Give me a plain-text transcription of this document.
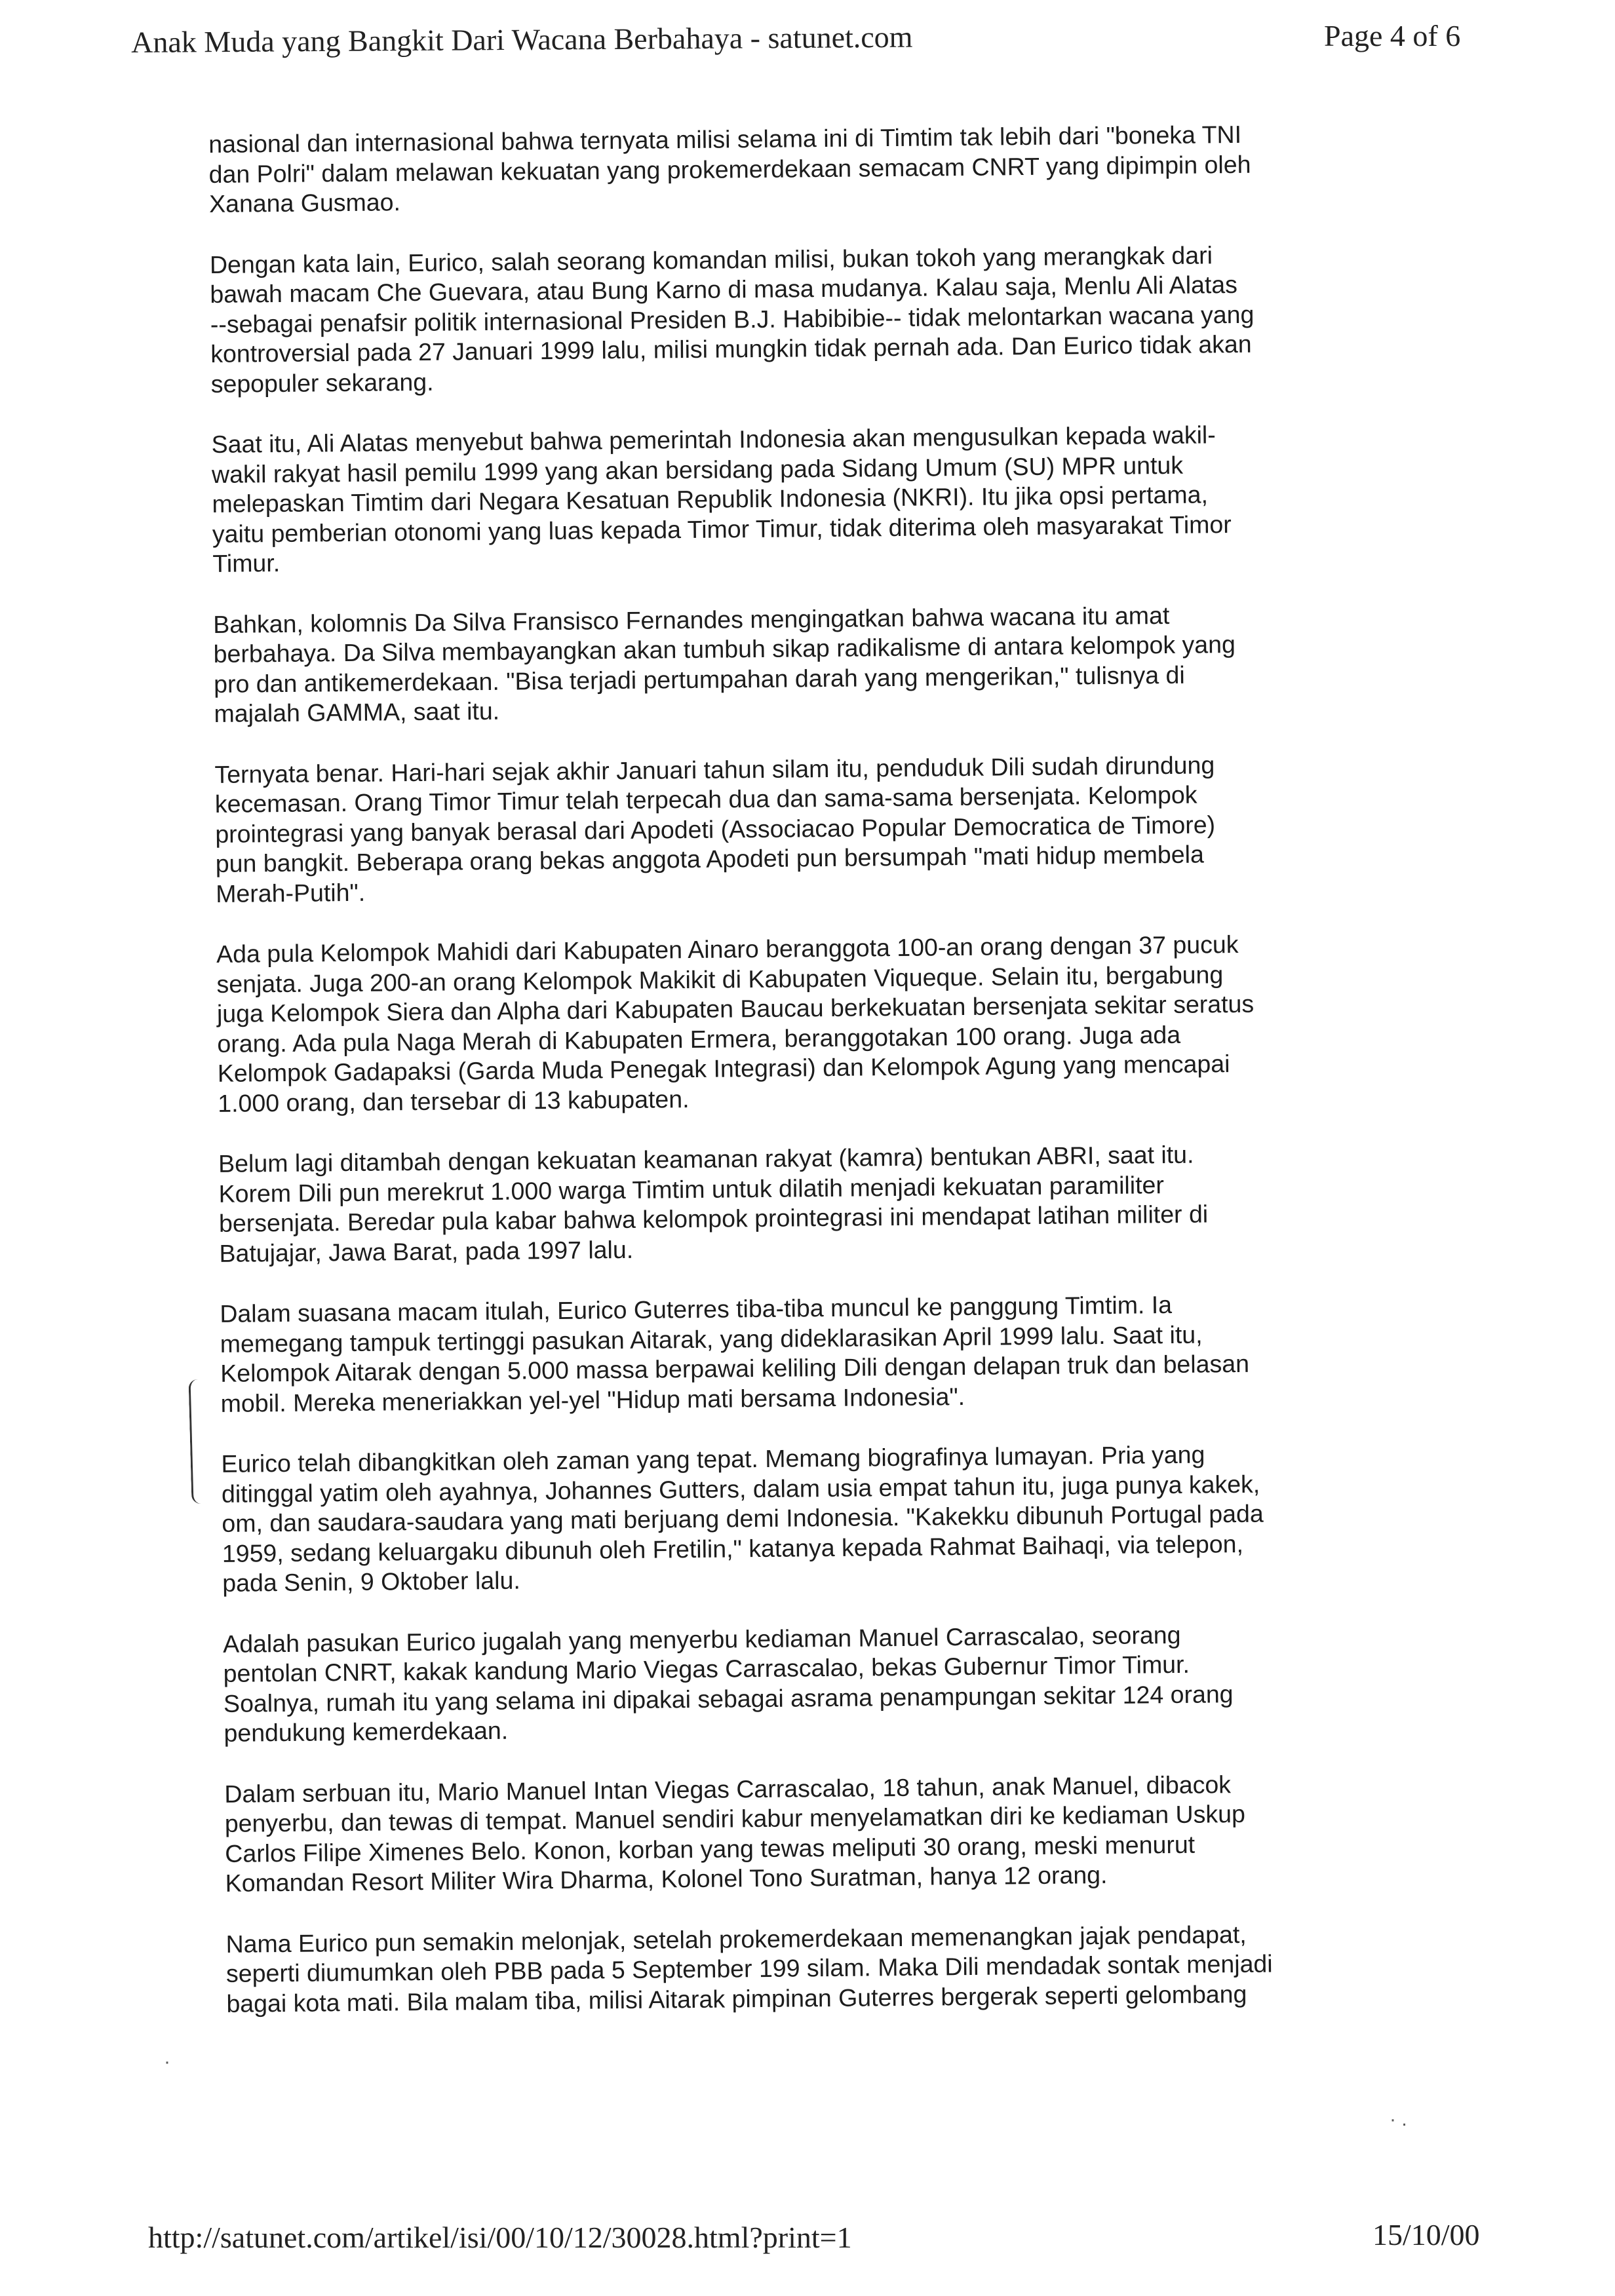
Anak Muda yang Bangkit Dari Wacana Berbahaya - satunet.com	Page 4 of 6

nasional dan internasional bahwa ternyata milisi selama ini di Timtim tak lebih dari "boneka TNI
dan Polri" dalam melawan kekuatan yang prokemerdekaan semacam CNRT yang dipimpin oleh
Xanana Gusmao.

Dengan kata lain, Eurico, salah seorang komandan milisi, bukan tokoh yang merangkak dari
bawah macam Che Guevara, atau Bung Karno di masa mudanya. Kalau saja, Menlu Ali Alatas
--sebagai penafsir politik internasional Presiden B.J. Habibibie-- tidak melontarkan wacana yang
kontroversial pada 27 Januari 1999 lalu, milisi mungkin tidak pernah ada. Dan Eurico tidak akan
sepopuler sekarang.

Saat itu, Ali Alatas menyebut bahwa pemerintah Indonesia akan mengusulkan kepada wakil-
wakil rakyat hasil pemilu 1999 yang akan bersidang pada Sidang Umum (SU) MPR untuk
melepaskan Timtim dari Negara Kesatuan Republik Indonesia (NKRI). Itu jika opsi pertama,
yaitu pemberian otonomi yang luas kepada Timor Timur, tidak diterima oleh masyarakat Timor
Timur.

Bahkan, kolomnis Da Silva Fransisco Fernandes mengingatkan bahwa wacana itu amat
berbahaya. Da Silva membayangkan akan tumbuh sikap radikalisme di antara kelompok yang
pro dan antikemerdekaan. "Bisa terjadi pertumpahan darah yang mengerikan," tulisnya di
majalah GAMMA, saat itu.

Ternyata benar. Hari-hari sejak akhir Januari tahun silam itu, penduduk Dili sudah dirundung
kecemasan. Orang Timor Timur telah terpecah dua dan sama-sama bersenjata. Kelompok
prointegrasi yang banyak berasal dari Apodeti (Associacao Popular Democratica de Timore)
pun bangkit. Beberapa orang bekas anggota Apodeti pun bersumpah "mati hidup membela
Merah-Putih".

Ada pula Kelompok Mahidi dari Kabupaten Ainaro beranggota 100-an orang dengan 37 pucuk
senjata. Juga 200-an orang Kelompok Makikit di Kabupaten Viqueque. Selain itu, bergabung
juga Kelompok Siera dan Alpha dari Kabupaten Baucau berkekuatan bersenjata sekitar seratus
orang. Ada pula Naga Merah di Kabupaten Ermera, beranggotakan 100 orang. Juga ada
Kelompok Gadapaksi (Garda Muda Penegak Integrasi) dan Kelompok Agung yang mencapai
1.000 orang, dan tersebar di 13 kabupaten.

Belum lagi ditambah dengan kekuatan keamanan rakyat (kamra) bentukan ABRI, saat itu.
Korem Dili pun merekrut 1.000 warga Timtim untuk dilatih menjadi kekuatan paramiliter
bersenjata. Beredar pula kabar bahwa kelompok prointegrasi ini mendapat latihan militer di
Batujajar, Jawa Barat, pada 1997 lalu.

Dalam suasana macam itulah, Eurico Guterres tiba-tiba muncul ke panggung Timtim. Ia
memegang tampuk tertinggi pasukan Aitarak, yang dideklarasikan April 1999 lalu. Saat itu,
Kelompok Aitarak dengan 5.000 massa berpawai keliling Dili dengan delapan truk dan belasan
mobil. Mereka meneriakkan yel-yel "Hidup mati bersama Indonesia".

Eurico telah dibangkitkan oleh zaman yang tepat. Memang biografinya lumayan. Pria yang
ditinggal yatim oleh ayahnya, Johannes Gutters, dalam usia empat tahun itu, juga punya kakek,
om, dan saudara-saudara yang mati berjuang demi Indonesia. "Kakekku dibunuh Portugal pada
1959, sedang keluargaku dibunuh oleh Fretilin," katanya kepada Rahmat Baihaqi, via telepon,
pada Senin, 9 Oktober lalu.

Adalah pasukan Eurico jugalah yang menyerbu kediaman Manuel Carrascalao, seorang
pentolan CNRT, kakak kandung Mario Viegas Carrascalao, bekas Gubernur Timor Timur.
Soalnya, rumah itu yang selama ini dipakai sebagai asrama penampungan sekitar 124 orang
pendukung kemerdekaan.

Dalam serbuan itu, Mario Manuel Intan Viegas Carrascalao, 18 tahun, anak Manuel, dibacok
penyerbu, dan tewas di tempat. Manuel sendiri kabur menyelamatkan diri ke kediaman Uskup
Carlos Filipe Ximenes Belo. Konon, korban yang tewas meliputi 30 orang, meski menurut
Komandan Resort Militer Wira Dharma, Kolonel Tono Suratman, hanya 12 orang.

Nama Eurico pun semakin melonjak, setelah prokemerdekaan memenangkan jajak pendapat,
seperti diumumkan oleh PBB pada 5 September 199 silam. Maka Dili mendadak sontak menjadi
bagai kota mati. Bila malam tiba, milisi Aitarak pimpinan Guterres bergerak seperti gelombang

·
· .
http://satunet.com/artikel/isi/00/10/12/30028.html?print=1	15/10/00
